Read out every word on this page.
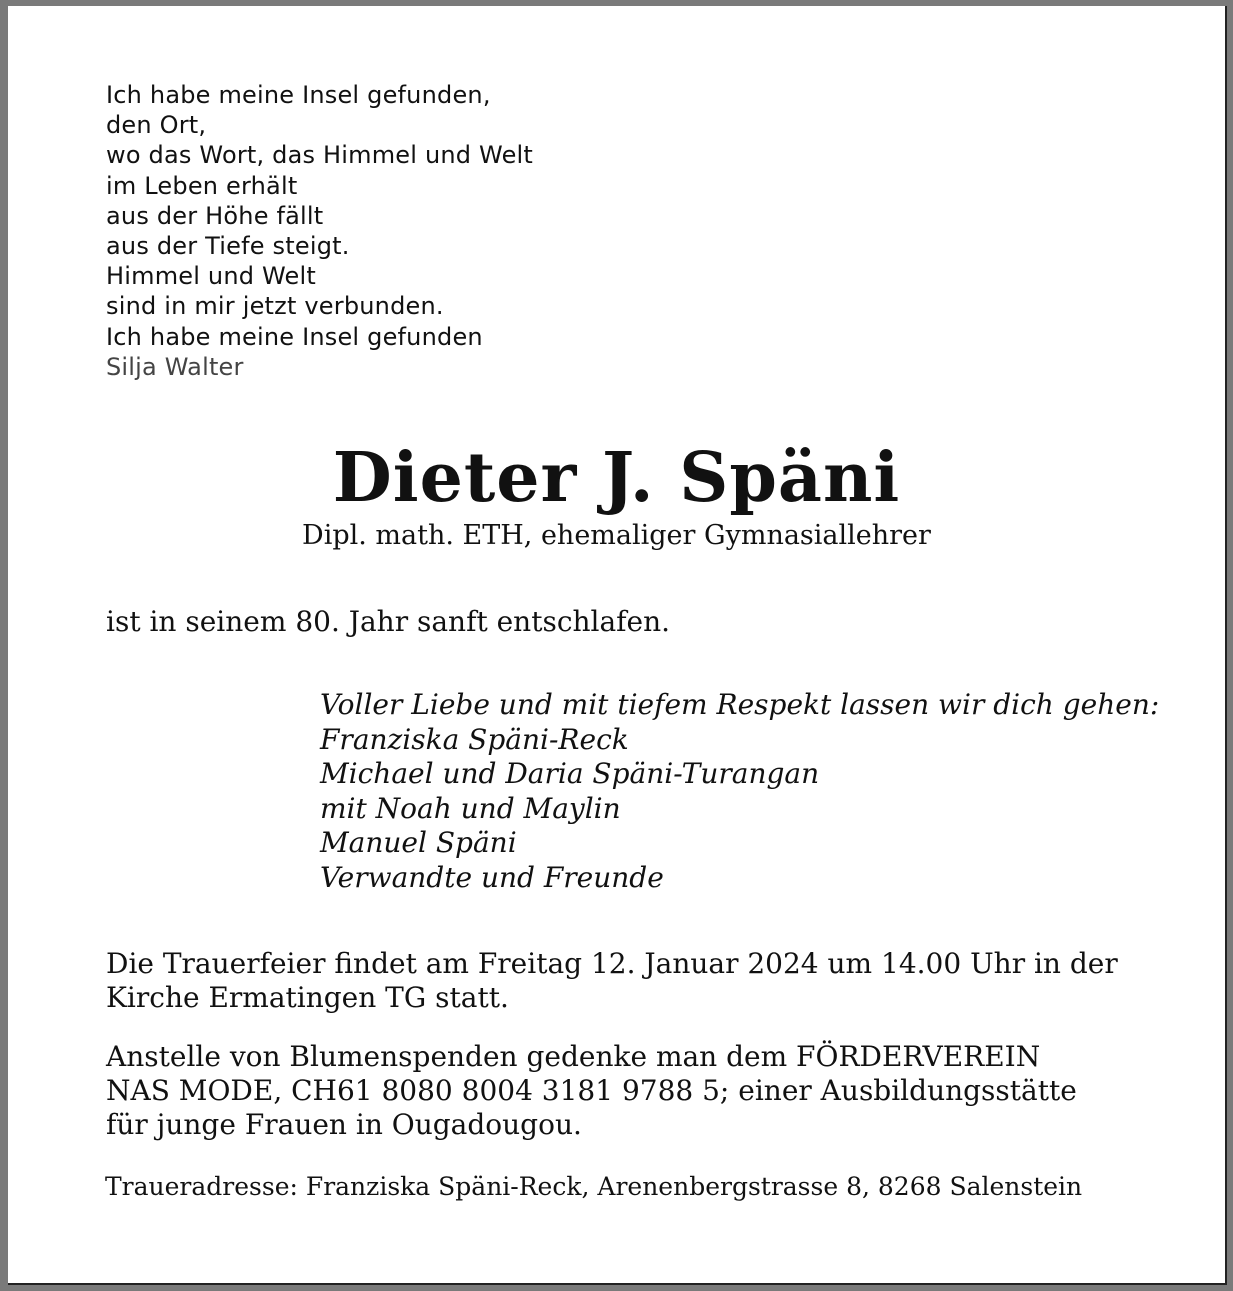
Ich habe meine Insel gefunden,
den Ort,
wo das Wort, das Himmel und Welt
im Leben erhält
aus der Höhe fällt
aus der Tiefe steigt.
Himmel und Welt
sind in mir jetzt verbunden.
Ich habe meine Insel gefunden
Silja Walter
Dieter J. Späni
Dipl. math. ETH, ehemaliger Gymnasiallehrer
ist in seinem 80. Jahr sanft entschlafen.
Voller Liebe und mit tiefem Respekt lassen wir dich gehen:
Franziska Späni-Reck
Michael und Daria Späni-Turangan
mit Noah und Maylin
Manuel Späni
Verwandte und Freunde
Die Trauerfeier findet am Freitag 12. Januar 2024 um 14.00 Uhr in der
Kirche Ermatingen TG statt.
Anstelle von Blumenspenden gedenke man dem FÖRDERVEREIN
NAS MODE, CH61 8080 8004 3181 9788 5; einer Ausbildungsstätte
für junge Frauen in Ougadougou.
Traueradresse: Franziska Späni-Reck, Arenenbergstrasse 8, 8268 Salenstein
